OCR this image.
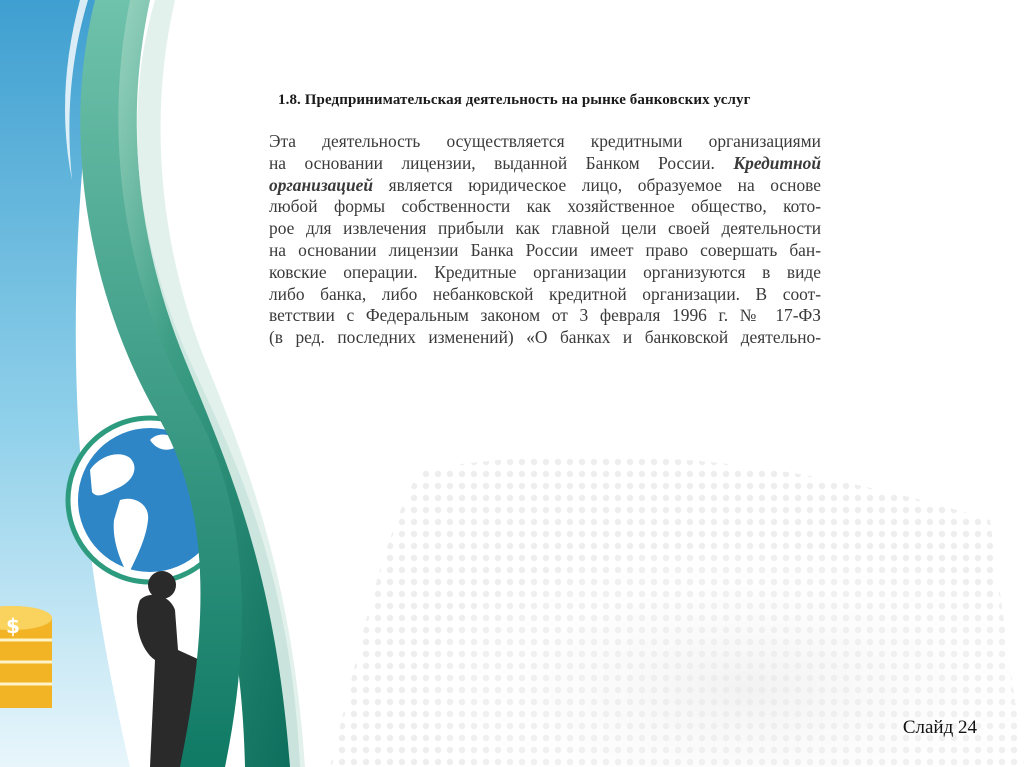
$
1.8. Предпринимательская деятельность на рынке банковских услуг
Эта деятельность осуществляется кредитными организациями
на основании лицензии, выданной Банком России. Кредитной
организацией является юридическое лицо, образуемое на основе
любой формы собственности как хозяйственное общество, кото-
рое для извлечения прибыли как главной цели своей деятельности
на основании лицензии Банка России имеет право совершать бан-
ковские операции. Кредитные организации организуются в виде
либо банка, либо небанковской кредитной организации. В соот-
ветствии с Федеральным законом от 3 февраля 1996 г. № 17-ФЗ
(в ред. последних изменений) «О банках и банковской деятельно-
Слайд 24
